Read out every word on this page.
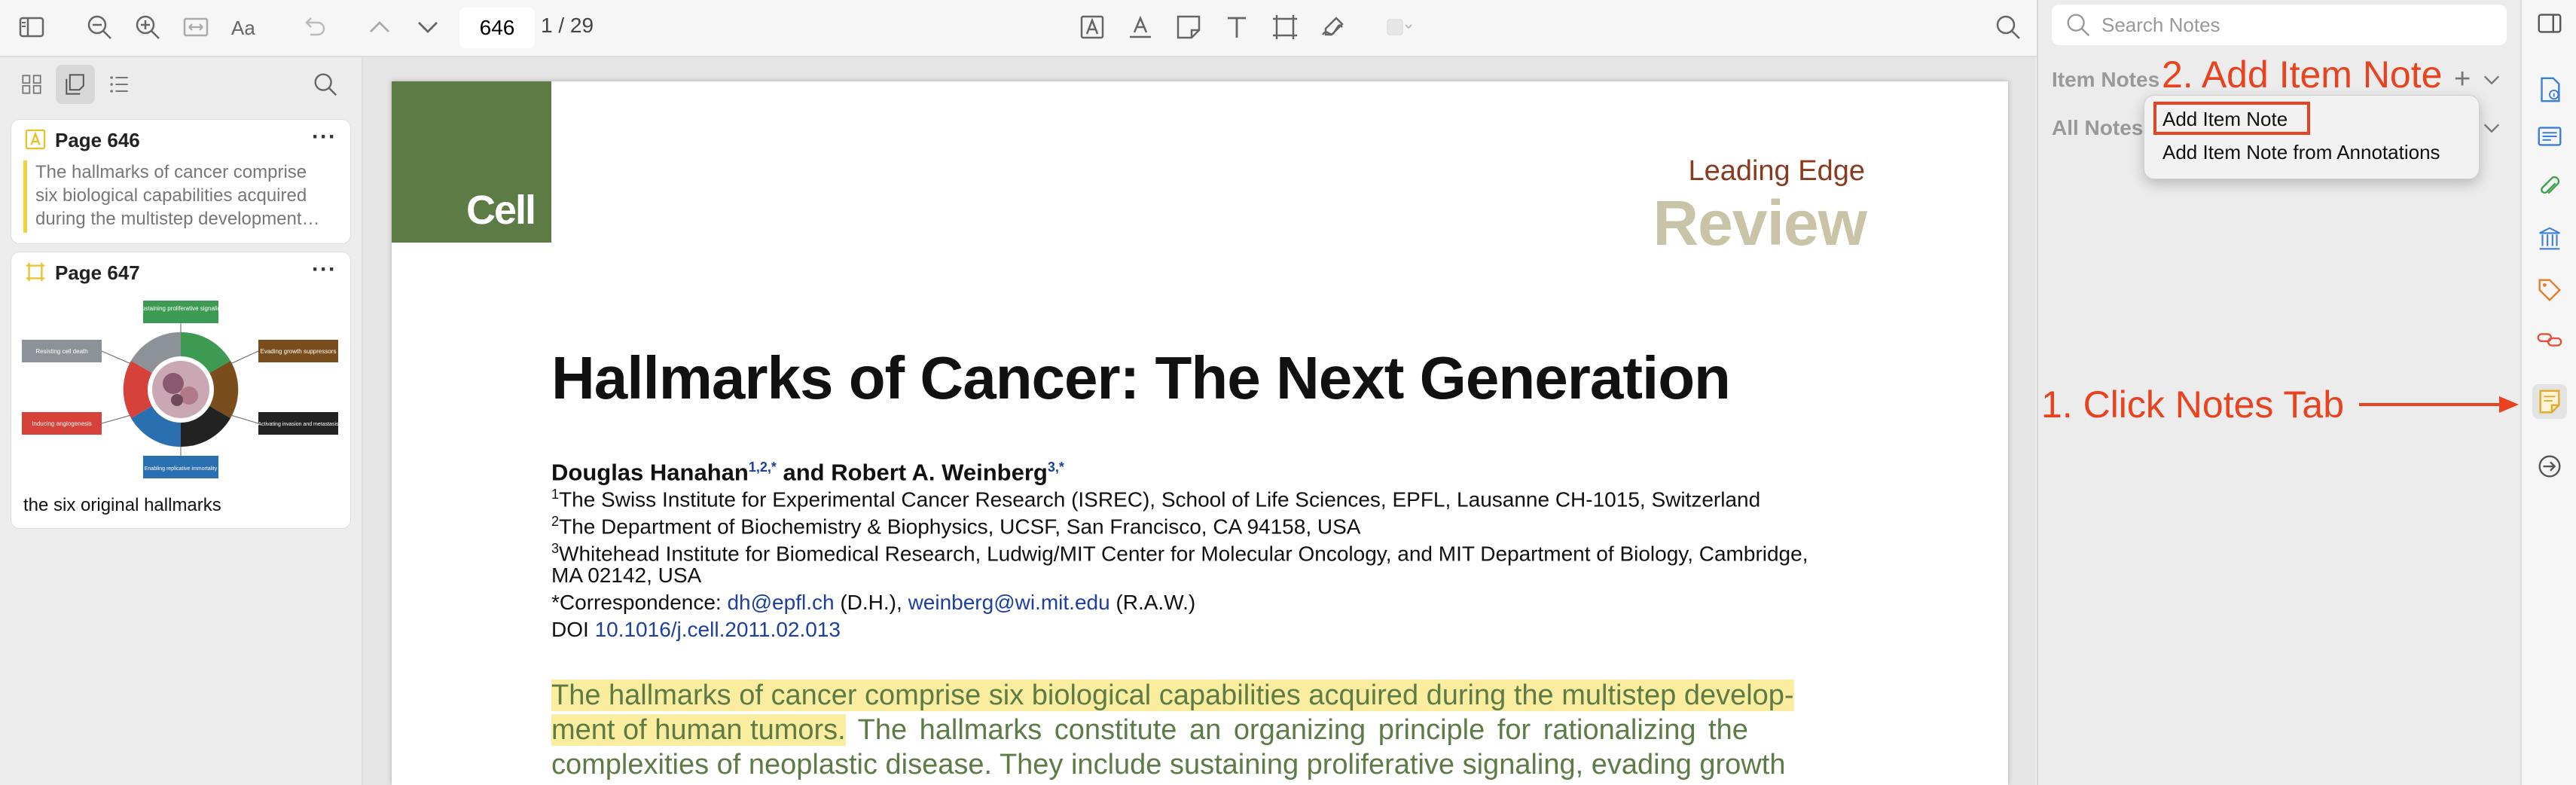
Aa
646	1 / 29
Page 646	···
The hallmarks of cancer comprise
six biological capabilities acquired
during the multistep development…
Page 647	···
Sustaining proliferative signaling
Evading growth suppressors
Resisting cell death
Activating invasion and metastasis
Inducing angiogenesis
Enabling replicative immortality
the six original hallmarks
Cell
Leading Edge
Review
Hallmarks of Cancer: The Next Generation
Douglas Hanahan$^{1,2,*}$ and Robert A. Weinberg$^{3,*}$
$^1$The Swiss Institute for Experimental Cancer Research (ISREC), School of Life Sciences, EPFL, Lausanne CH-1015, Switzerland
$^2$The Department of Biochemistry & Biophysics, UCSF, San Francisco, CA 94158, USA
$^3$Whitehead Institute for Biomedical Research, Ludwig/MIT Center for Molecular Oncology, and MIT Department of Biology, Cambridge,
MA 02142, USA
*Correspondence: dh@epfl.ch (D.H.), weinberg@wi.mit.edu (R.A.W.)
DOI 10.1016/j.cell.2011.02.013
The hallmarks of cancer comprise six biological capabilities acquired during the multistep develop-
ment of human tumors. The hallmarks constitute an organizing principle for rationalizing the
complexities of neoplastic disease. They include sustaining proliferative signaling, evading growth
Search Notes
Item Notes	+
All Notes Add Item Note
Add Item Note from Annotations
2. Add Item Note
1. Click Notes Tab
